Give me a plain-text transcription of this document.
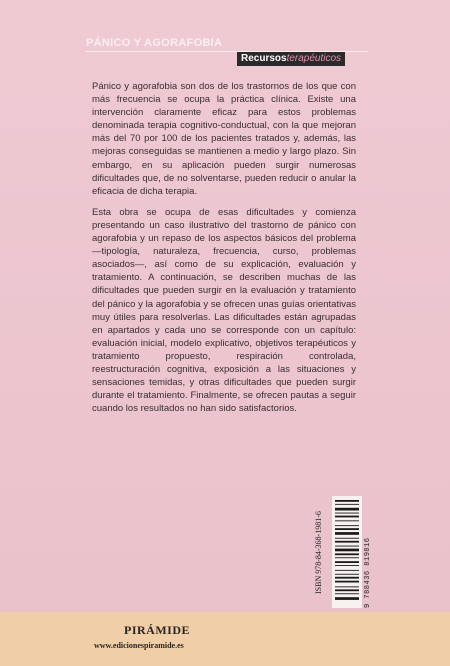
PÁNICO Y AGORAFOBIA
Recursosterapéuticos

Pánico y agorafobia son dos de los trastornos de los que con más frecuencia se ocupa la práctica clínica. Existe una intervención claramente eficaz para estos problemas denominada terapia cognitivo-conductual, con la que mejoran más del 70 por 100 de los pacientes tratados y, además, las mejoras conseguidas se mantienen a medio y largo plazo. Sin embargo, en su aplicación pueden surgir numerosas dificultades que, de no solventarse, pueden reducir o anular la eficacia de dicha terapia.

Esta obra se ocupa de esas dificultades y comienza presentando un caso ilustrativo del trastorno de pánico con agorafobia y un repaso de los aspectos básicos del problema —tipología, naturaleza, frecuencia, curso, problemas asociados—, así como de su explicación, evaluación y tratamiento. A continuación, se describen muchas de las dificultades que pueden surgir en la evaluación y tratamiento del pánico y la agorafobia y se ofrecen unas guías orientativas muy útiles para resolverlas. Las dificultades están agrupadas en apartados y cada uno se corresponde con un capítulo: evaluación inicial, modelo explicativo, objetivos terapéuticos y tratamiento propuesto, respiración controlada, reestructuración cognitiva, exposición a las situaciones y sensaciones temidas, y otras dificultades que pueden surgir durante el tratamiento. Finalmente, se ofrecen pautas a seguir cuando los resultados no han sido satisfactorios.

ISBN 978-84-368-1981-6	9 788436 819816
PIRÁMIDE
www.edicionespiramide.es
